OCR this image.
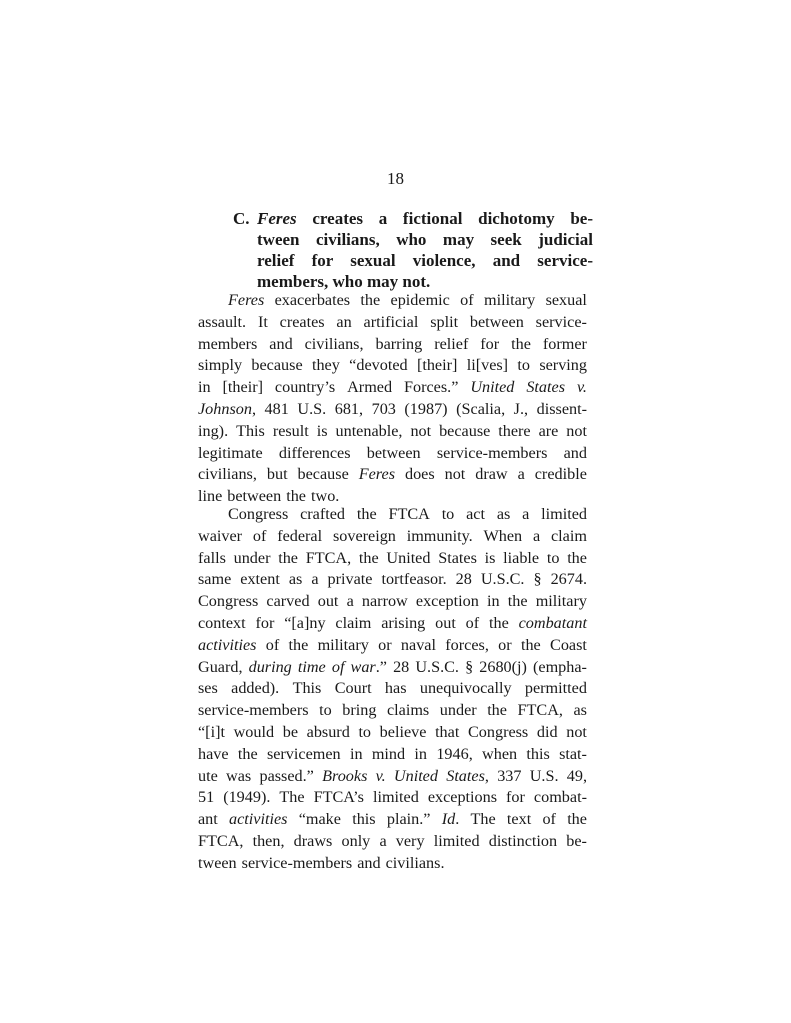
18
C. Feres creates a fictional dichotomy be-
tween civilians, who may seek judicial
relief for sexual violence, and service-
members, who may not.
Feres exacerbates the epidemic of military sexual
assault. It creates an artificial split between service-
members and civilians, barring relief for the former
simply because they “devoted [their] li[ves] to serving
in [their] country’s Armed Forces.” United States v.
Johnson, 481 U.S. 681, 703 (1987) (Scalia, J., dissent-
ing). This result is untenable, not because there are not
legitimate differences between service-members and
civilians, but because Feres does not draw a credible
line between the two.
Congress crafted the FTCA to act as a limited
waiver of federal sovereign immunity. When a claim
falls under the FTCA, the United States is liable to the
same extent as a private tortfeasor. 28 U.S.C. § 2674.
Congress carved out a narrow exception in the military
context for “[a]ny claim arising out of the combatant
activities of the military or naval forces, or the Coast
Guard, during time of war.” 28 U.S.C. § 2680(j) (empha-
ses added). This Court has unequivocally permitted
service-members to bring claims under the FTCA, as
“[i]t would be absurd to believe that Congress did not
have the servicemen in mind in 1946, when this stat-
ute was passed.” Brooks v. United States, 337 U.S. 49,
51 (1949). The FTCA’s limited exceptions for combat-
ant activities “make this plain.” Id. The text of the
FTCA, then, draws only a very limited distinction be-
tween service-members and civilians.
